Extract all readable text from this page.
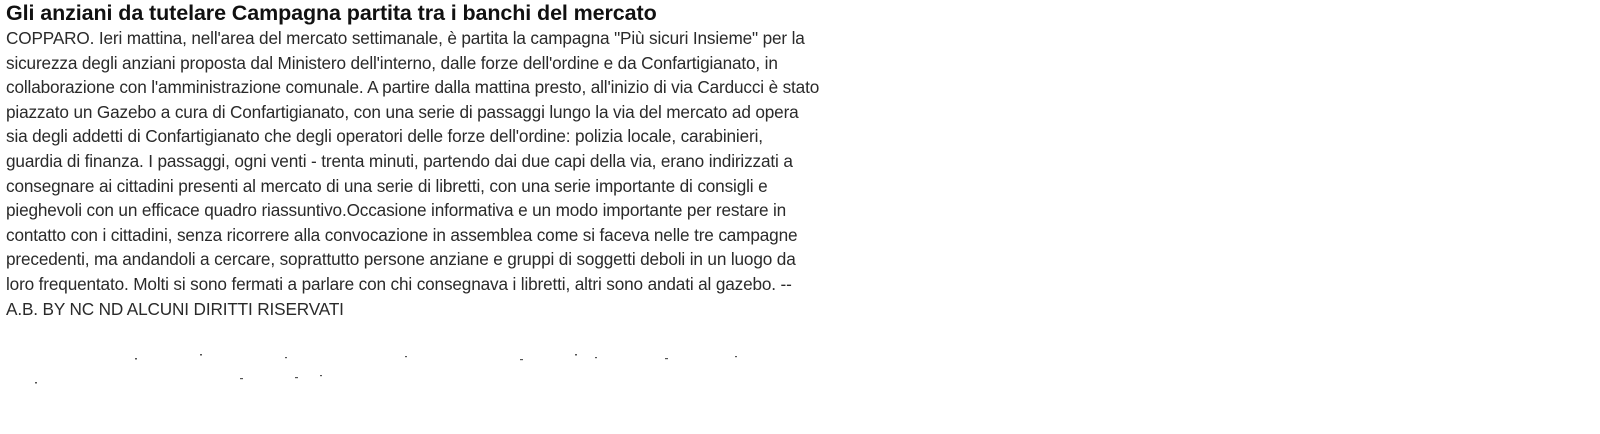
Gli anziani da tutelare Campagna partita tra i banchi del mercato

COPPARO. Ieri mattina, nell'area del mercato settimanale, è partita la campagna "Più sicuri Insieme" per la sicurezza degli anziani proposta dal Ministero dell'interno, dalle forze dell'ordine e da Confartigianato, in collaborazione con l'amministrazione comunale. A partire dalla mattina presto, all'inizio di via Carducci è stato piazzato un Gazebo a cura di Confartigianato, con una serie di passaggi lungo la via del mercato ad opera sia degli addetti di Confartigianato che degli operatori delle forze dell'ordine: polizia locale, carabinieri, guardia di finanza. I passaggi, ogni venti - trenta minuti, partendo dai due capi della via, erano indirizzati a consegnare ai cittadini presenti al mercato di una serie di libretti, con una serie importante di consigli e pieghevoli con un efficace quadro riassuntivo.Occasione informativa e un modo importante per restare in contatto con i cittadini, senza ricorrere alla convocazione in assemblea come si faceva nelle tre campagne precedenti, ma andandoli a cercare, soprattutto persone anziane e gruppi di soggetti deboli in un luogo da loro frequentato. Molti si sono fermati a parlare con chi consegnava i libretti, altri sono andati al gazebo. --A.B. BY NC ND ALCUNI DIRITTI RISERVATI
